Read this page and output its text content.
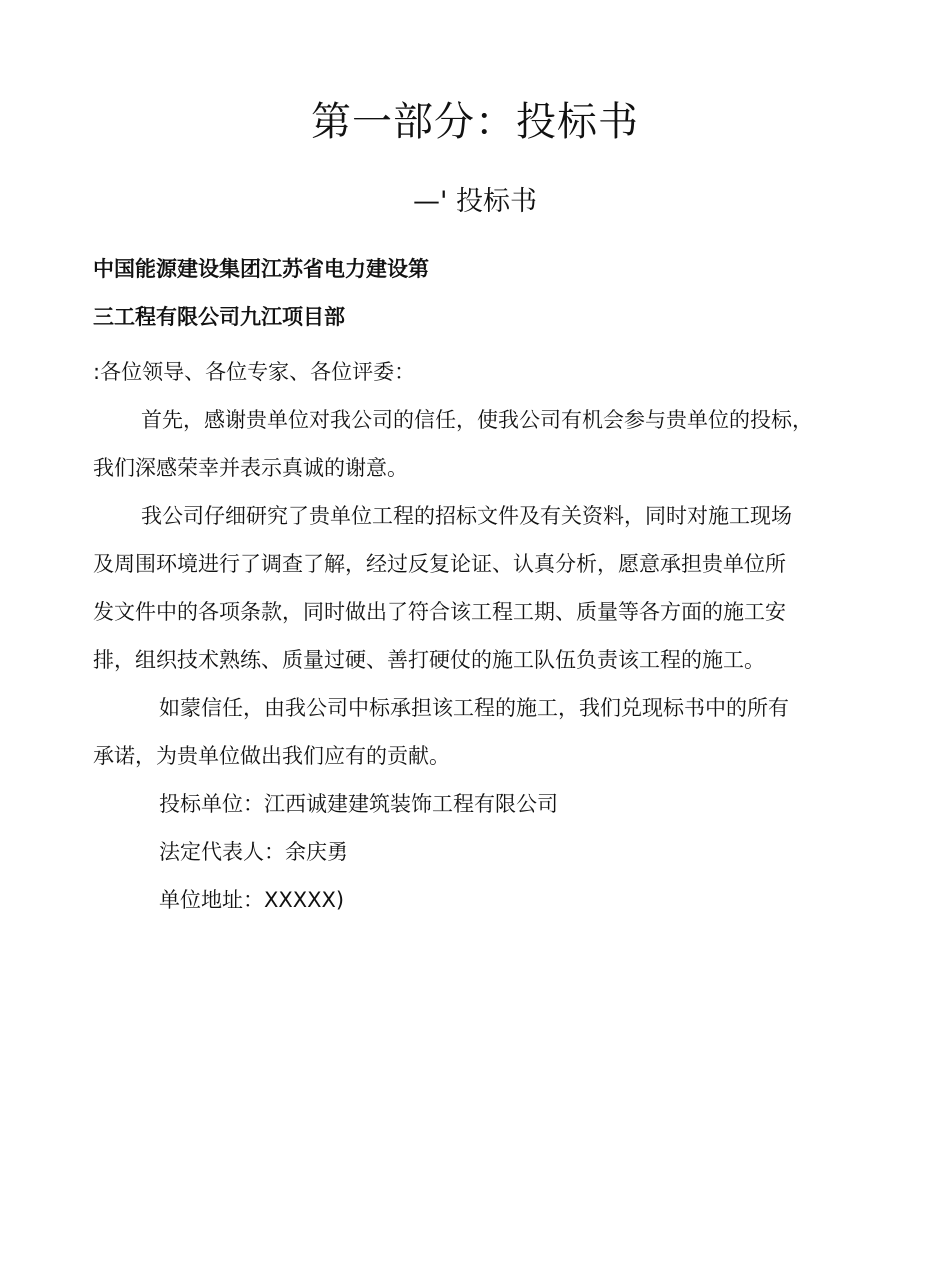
第一部分：投标书
—' 投标书
中国能源建设集团江苏省电力建设第
三工程有限公司九江项目部
:各位领导、各位专家、各位评委：
首先，感谢贵单位对我公司的信任，使我公司有机会参与贵单位的投标，
我们深感荣幸并表示真诚的谢意。
我公司仔细研究了贵单位工程的招标文件及有关资料，同时对施工现场
及周围环境进行了调查了解，经过反复论证、认真分析，愿意承担贵单位所
发文件中的各项条款，同时做出了符合该工程工期、质量等各方面的施工安
排，组织技术熟练、质量过硬、善打硬仗的施工队伍负责该工程的施工。
如蒙信任，由我公司中标承担该工程的施工，我们兑现标书中的所有
承诺，为贵单位做出我们应有的贡献。
投标单位：江西诚建建筑装饰工程有限公司
法定代表人：余庆勇
单位地址：XXXXX)
